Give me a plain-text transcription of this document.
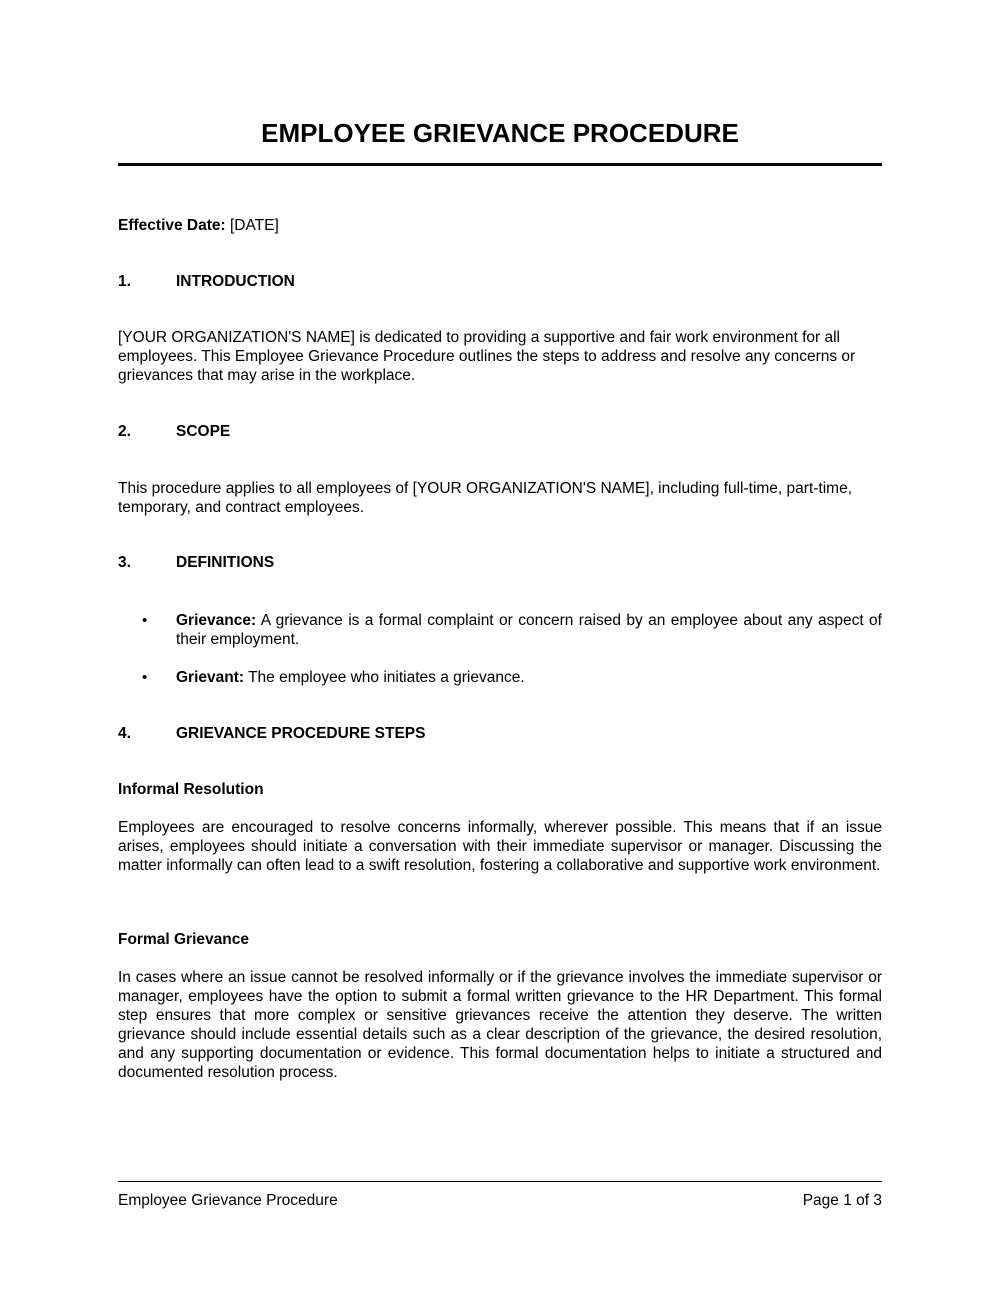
EMPLOYEE GRIEVANCE PROCEDURE

Effective Date: [DATE]

1.	INTRODUCTION

[YOUR ORGANIZATION'S NAME] is dedicated to providing a supportive and fair work environment for all employees. This Employee Grievance Procedure outlines the steps to address and resolve any concerns or grievances that may arise in the workplace.

2.	SCOPE

This procedure applies to all employees of [YOUR ORGANIZATION'S NAME], including full-time, part-time, temporary, and contract employees.

3.	DEFINITIONS
•	Grievance: A grievance is a formal complaint or concern raised by an employee about any aspect of their employment.
•	Grievant: The employee who initiates a grievance.
4.	GRIEVANCE PROCEDURE STEPS

Informal Resolution

Employees are encouraged to resolve concerns informally, wherever possible. This means that if an issue arises, employees should initiate a conversation with their immediate supervisor or manager. Discussing the matter informally can often lead to a swift resolution, fostering a collaborative and supportive work environment.

Formal Grievance

In cases where an issue cannot be resolved informally or if the grievance involves the immediate supervisor or manager, employees have the option to submit a formal written grievance to the HR Department. This formal step ensures that more complex or sensitive grievances receive the attention they deserve. The written grievance should include essential details such as a clear description of the grievance, the desired resolution, and any supporting documentation or evidence. This formal documentation helps to initiate a structured and documented resolution process.

Employee Grievance Procedure	Page 1 of 3
